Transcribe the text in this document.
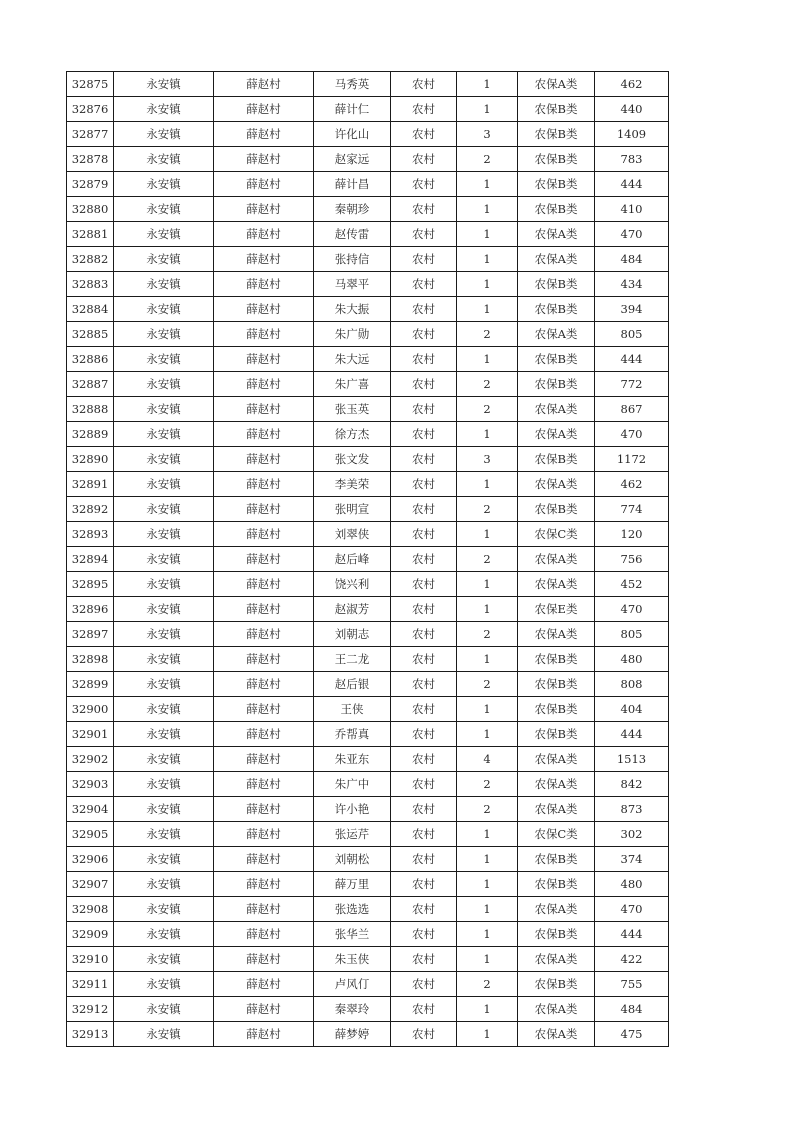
32875	永安镇	薛赵村	马秀英	农村	1	农保A类	462
32876	永安镇	薛赵村	薛计仁	农村	1	农保B类	440
32877	永安镇	薛赵村	许化山	农村	3	农保B类	1409
32878	永安镇	薛赵村	赵家远	农村	2	农保B类	783
32879	永安镇	薛赵村	薛计昌	农村	1	农保B类	444
32880	永安镇	薛赵村	秦朝珍	农村	1	农保B类	410
32881	永安镇	薛赵村	赵传雷	农村	1	农保A类	470
32882	永安镇	薛赵村	张持信	农村	1	农保A类	484
32883	永安镇	薛赵村	马翠平	农村	1	农保B类	434
32884	永安镇	薛赵村	朱大振	农村	1	农保B类	394
32885	永安镇	薛赵村	朱广勋	农村	2	农保A类	805
32886	永安镇	薛赵村	朱大远	农村	1	农保B类	444
32887	永安镇	薛赵村	朱广喜	农村	2	农保B类	772
32888	永安镇	薛赵村	张玉英	农村	2	农保A类	867
32889	永安镇	薛赵村	徐方杰	农村	1	农保A类	470
32890	永安镇	薛赵村	张文发	农村	3	农保B类	1172
32891	永安镇	薛赵村	李美荣	农村	1	农保A类	462
32892	永安镇	薛赵村	张明宣	农村	2	农保B类	774
32893	永安镇	薛赵村	刘翠侠	农村	1	农保C类	120
32894	永安镇	薛赵村	赵后峰	农村	2	农保A类	756
32895	永安镇	薛赵村	饶兴利	农村	1	农保A类	452
32896	永安镇	薛赵村	赵淑芳	农村	1	农保E类	470
32897	永安镇	薛赵村	刘朝志	农村	2	农保A类	805
32898	永安镇	薛赵村	王二龙	农村	1	农保B类	480
32899	永安镇	薛赵村	赵后银	农村	2	农保B类	808
32900	永安镇	薛赵村	王侠	农村	1	农保B类	404
32901	永安镇	薛赵村	乔帮真	农村	1	农保B类	444
32902	永安镇	薛赵村	朱亚东	农村	4	农保A类	1513
32903	永安镇	薛赵村	朱广中	农村	2	农保A类	842
32904	永安镇	薛赵村	许小艳	农村	2	农保A类	873
32905	永安镇	薛赵村	张运芹	农村	1	农保C类	302
32906	永安镇	薛赵村	刘朝松	农村	1	农保B类	374
32907	永安镇	薛赵村	薛万里	农村	1	农保B类	480
32908	永安镇	薛赵村	张选选	农村	1	农保A类	470
32909	永安镇	薛赵村	张华兰	农村	1	农保B类	444
32910	永安镇	薛赵村	朱玉侠	农村	1	农保A类	422
32911	永安镇	薛赵村	卢风仃	农村	2	农保B类	755
32912	永安镇	薛赵村	秦翠玲	农村	1	农保A类	484
32913	永安镇	薛赵村	薛梦婷	农村	1	农保A类	475
